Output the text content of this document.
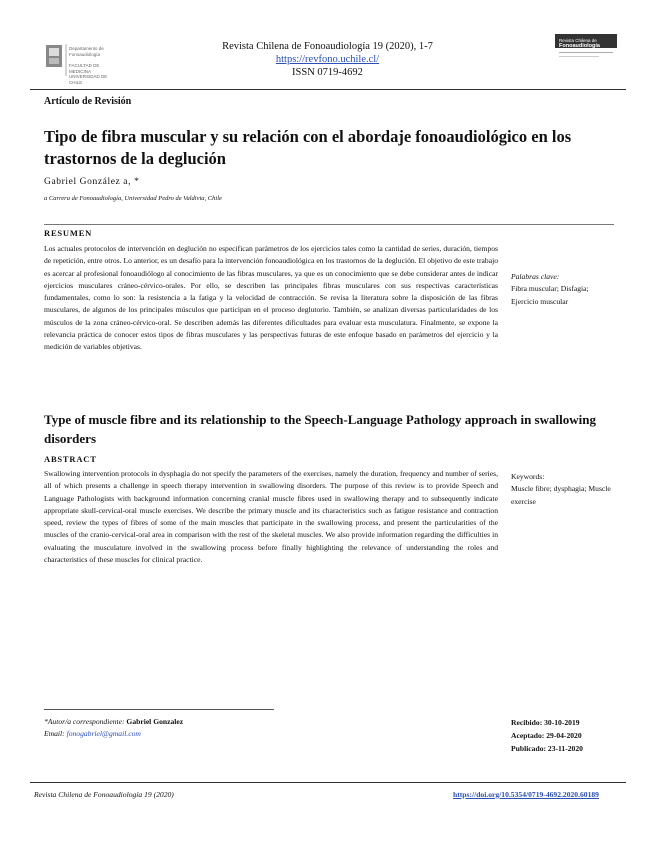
Departamento de Fonoaudiología
FACULTAD DE MEDICINA
UNIVERSIDAD DE CHILE
Revista Chilena de Fonoaudiología 19 (2020), 1-7
https://revfono.uchile.cl/
ISSN 0719-4692
Revista Chilena de
Fonoaudiología
Artículo de Revisión
Tipo de fibra muscular y su relación con el abordaje fonoaudiológico en los trastornos de la deglución
Gabriel González a, *
a Carrera de Fonoaudiología, Universidad Pedro de Valdivia, Chile
RESUMEN
Los actuales protocolos de intervención en deglución no especifican parámetros de los ejercicios tales como la cantidad de series, duración, tiempos de repetición, entre otros. Lo anterior, es un desafío para la intervención fonoaudiológica en los trastornos de la deglución. El objetivo de este trabajo es acercar al profesional fonoaudiólogo al conocimiento de las fibras musculares, ya que es un conocimiento que se debe considerar antes de indicar ejercicios musculares cráneo-cérvico-orales. Por ello, se describen las principales fibras musculares con sus respectivas características fundamentales, como lo son: la resistencia a la fatiga y la velocidad de contracción. Se revisa la literatura sobre la disposición de las fibras musculares, de algunos de los principales músculos que participan en el proceso deglutorio. También, se analizan diversas particularidades de los músculos de la zona cráneo-cérvico-oral. Se describen además las diferentes dificultades para evaluar esta musculatura. Finalmente, se expone la relevancia práctica de conocer estos tipos de fibras musculares y las perspectivas futuras de este enfoque basado en parámetros del ejercicio y la medición de variables objetivas.
Palabras clave:
Fibra muscular; Disfagia; Ejercicio muscular
Type of muscle fibre and its relationship to the Speech-Language Pathology approach in swallowing disorders
ABSTRACT
Swallowing intervention protocols in dysphagia do not specify the parameters of the exercises, namely the duration, frequency and number of series, all of which presents a challenge in speech therapy intervention in swallowing disorders. The purpose of this review is to provide Speech and Language Pathologists with background information concerning cranial muscle fibres used in swallowing therapy and to subsequently indicate appropriate skull-cervical-oral muscle exercises. We describe the primary muscle and its characteristics such as fatigue resistance and contraction speed, review the types of fibres of some of the main muscles that participate in the swallowing process, and present the particularities of the muscles of the cranio-cervical-oral area in comparison with the rest of the skeletal muscles. We also provide information regarding the difficulties in evaluating the musculature involved in the swallowing process before finally highlighting the relevance of understanding the roles and characteristics of these muscles for clinical practice.
Keywords:
Muscle fibre; dysphagia; Muscle exercise
*Autor/a correspondiente: Gabriel Gonzalez
Email: fonogabriel@gmail.com
Recibido: 30-10-2019
Aceptado: 29-04-2020
Publicado: 23-11-2020
Revista Chilena de Fonoaudiología 19 (2020)	https://doi.org/10.5354/0719-4692.2020.60189
